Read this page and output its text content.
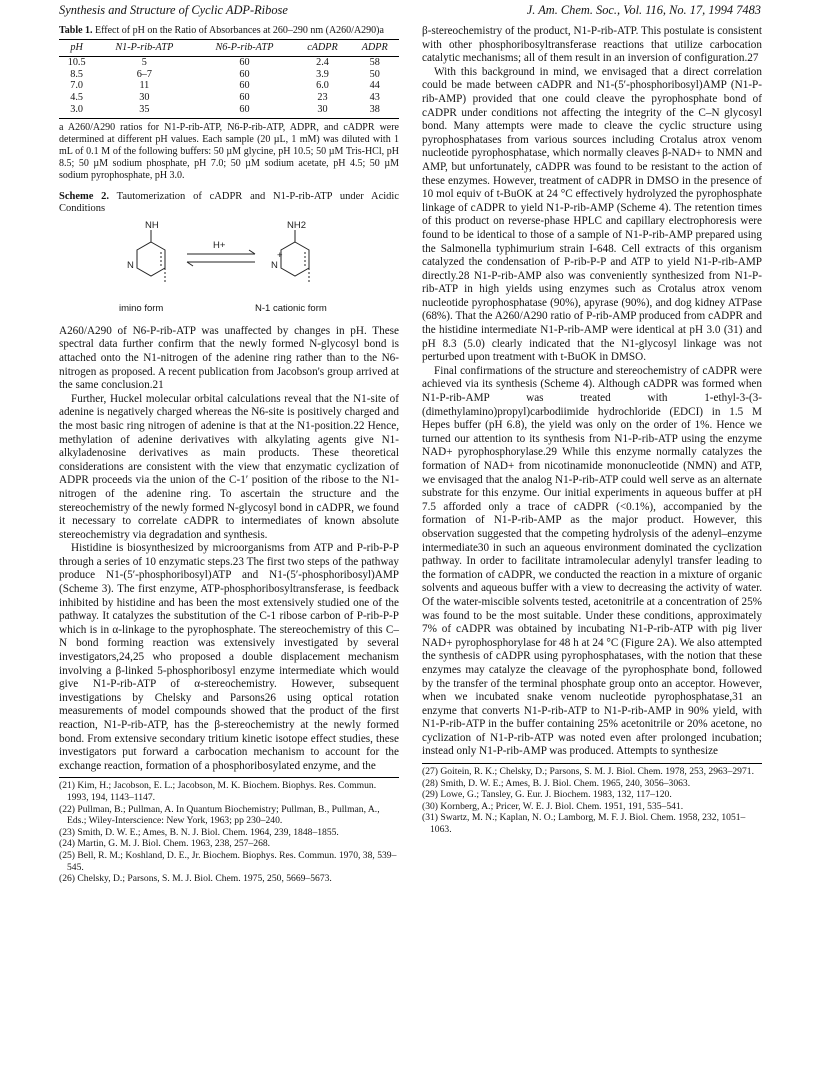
Synthesis and Structure of Cyclic ADP-Ribose	J. Am. Chem. Soc., Vol. 116, No. 17, 1994 7483
Table 1. Effect of pH on the Ratio of Absorbances at 260–290 nm (A260/A290)a
pH	N1-P-rib-ATP	N6-P-rib-ATP	cADPR	ADPR
10.5	5	60	2.4	58
8.5	6–7	60	3.9	50
7.0	11	60	6.0	44
4.5	30	60	23	43
3.0	35	60	30	38
a A260/A290 ratios for N1-P-rib-ATP, N6-P-rib-ATP, ADPR, and cADPR were determined at different pH values. Each sample (20 µL, 1 mM) was diluted with 1 mL of 0.1 M of the following buffers: 50 µM glycine, pH 10.5; 50 µM Tris-HCl, pH 8.5; 50 µM sodium phosphate, pH 7.0; 50 µM sodium acetate, pH 4.5; 50 µM sodium pyrophosphate, pH 3.0.
Scheme 2. Tautomerization of cADPR and N1-P-rib-ATP under Acidic Conditions
NH
N
H+
NH2
N
+
imino form	N-1 cationic form

A260/A290 of N6-P-rib-ATP was unaffected by changes in pH. These spectral data further confirm that the newly formed N-glycosyl bond is attached onto the N1-nitrogen of the adenine ring rather than to the N6-nitrogen as proposed. A recent publication from Jacobson's group arrived at the same conclusion.21

Further, Huckel molecular orbital calculations reveal that the N1-site of adenine is negatively charged whereas the N6-site is positively charged and the most basic ring nitrogen of adenine is that at the N1-position.22 Hence, methylation of adenine derivatives with alkylating agents give N1-alkyladenosine derivatives as main products. These theoretical considerations are consistent with the view that enzymatic cyclization of ADPR proceeds via the union of the C-1′ position of the ribose to the N1-nitrogen of the adenine ring. To ascertain the structure and the stereochemistry of the newly formed N-glycosyl bond in cADPR, we found it necessary to correlate cADPR to intermediates of known absolute stereochemistry via degradation and synthesis.

Histidine is biosynthesized by microorganisms from ATP and P-rib-P-P through a series of 10 enzymatic steps.23 The first two steps of the pathway produce N1-(5′-phosphoribosyl)ATP and N1-(5′-phosphoribosyl)AMP (Scheme 3). The first enzyme, ATP-phosphoribosyltransferase, is feedback inhibited by histidine and has been the most extensively studied one of the pathway. It catalyzes the substitution of the C-1 ribose carbon of P-rib-P-P which is in α-linkage to the pyrophosphate. The stereochemistry of this C–N bond forming reaction was extensively investigated by several investigators,24,25 who proposed a double displacement mechanism involving a β-linked 5-phosphoribosyl enzyme intermediate which would give N1-P-rib-ATP of α-stereochemistry. However, subsequent investigations by Chelsky and Parsons26 using optical rotation measurements of model compounds showed that the product of the first reaction, N1-P-rib-ATP, has the β-stereochemistry at the newly formed bond. From extensive secondary tritium kinetic isotope effect studies, these investigators put forward a carbocation mechanism to account for the exchange reaction, formation of a phosphoribosylated enzyme, and the

(21) Kim, H.; Jacobson, E. L.; Jacobson, M. K. Biochem. Biophys. Res. Commun. 1993, 194, 1143–1147.
(22) Pullman, B.; Pullman, A. In Quantum Biochemistry; Pullman, B., Pullman, A., Eds.; Wiley-Interscience: New York, 1963; pp 230–240.
(23) Smith, D. W. E.; Ames, B. N. J. Biol. Chem. 1964, 239, 1848–1855.
(24) Martin, G. M. J. Biol. Chem. 1963, 238, 257–268.
(25) Bell, R. M.; Koshland, D. E., Jr. Biochem. Biophys. Res. Commun. 1970, 38, 539–545.
(26) Chelsky, D.; Parsons, S. M. J. Biol. Chem. 1975, 250, 5669–5673.

β-stereochemistry of the product, N1-P-rib-ATP. This postulate is consistent with other phosphoribosyltransferase reactions that utilize carbocation catalytic mechanisms; all of them result in an inversion of configuration.27

With this background in mind, we envisaged that a direct correlation could be made between cADPR and N1-(5′-phosphoribosyl)AMP (N1-P-rib-AMP) provided that one could cleave the pyrophosphate bond of cADPR under conditions not affecting the integrity of the C–N glycosyl bond. Many attempts were made to cleave the cyclic structure using pyrophosphatases from various sources including Crotalus atrox venom nucleotide pyrophosphatase, which normally cleaves β-NAD+ to NMN and AMP, but unfortunately, cADPR was found to be resistant to the action of these enzymes. However, treatment of cADPR in DMSO in the presence of 10 mol equiv of t-BuOK at 24 °C effectively hydrolyzed the pyrophosphate linkage of cADPR to yield N1-P-rib-AMP (Scheme 4). The retention times of this product on reverse-phase HPLC and capillary electrophoresis were found to be identical to those of a sample of N1-P-rib-AMP prepared using the Salmonella typhimurium strain I-648. Cell extracts of this organism catalyzed the condensation of P-rib-P-P and ATP to yield N1-P-rib-AMP directly.28 N1-P-rib-AMP also was conveniently synthesized from N1-P-rib-ATP in high yields using enzymes such as Crotalus atrox venom nucleotide pyrophosphatase (90%), apyrase (90%), and dog kidney ATPase (68%). That the A260/A290 ratio of P-rib-AMP produced from cADPR and the histidine intermediate N1-P-rib-AMP were identical at pH 3.0 (31) and pH 8.3 (5.0) clearly indicated that the N1-glycosyl linkage was not perturbed upon treatment with t-BuOK in DMSO.

Final confirmations of the structure and stereochemistry of cADPR were achieved via its synthesis (Scheme 4). Although cADPR was formed when N1-P-rib-AMP was treated with 1-ethyl-3-(3-(dimethylamino)propyl)carbodiimide hydrochloride (EDCI) in 1.5 M Hepes buffer (pH 6.8), the yield was only on the order of 1%. Hence we turned our attention to its synthesis from N1-P-rib-ATP using the enzyme NAD+ pyrophosphorylase.29 While this enzyme normally catalyzes the formation of NAD+ from nicotinamide mononucleotide (NMN) and ATP, we envisaged that the analog N1-P-rib-ATP could well serve as an alternate substrate for this enzyme. Our initial experiments in aqueous buffer at pH 7.5 afforded only a trace of cADPR (<0.1%), accompanied by the formation of N1-P-rib-AMP as the major product. However, this observation suggested that the competing hydrolysis of the adenyl–enzyme intermediate30 in such an aqueous environment dominated the cyclization pathway. In order to facilitate intramolecular adenylyl transfer leading to the formation of cADPR, we conducted the reaction in a mixture of organic solvents and aqueous buffer with a view to decreasing the activity of water. Of the water-miscible solvents tested, acetonitrile at a concentration of 25% was found to be the most suitable. Under these conditions, approximately 7% of cADPR was obtained by incubating N1-P-rib-ATP with pig liver NAD+ pyrophosphorylase for 48 h at 24 °C (Figure 2A). We also attempted the synthesis of cADPR using pyrophosphatases, with the notion that these enzymes may catalyze the cleavage of the pyrophosphate bond, followed by the transfer of the terminal phosphate group onto an acceptor. However, when we incubated snake venom nucleotide pyrophosphatase,31 an enzyme that converts N1-P-rib-ATP to N1-P-rib-AMP in 90% yield, with N1-P-rib-ATP in the buffer containing 25% acetonitrile or 20% acetone, no cyclization of N1-P-rib-ATP was noted even after prolonged incubation; instead only N1-P-rib-AMP was produced. Attempts to synthesize

(27) Goitein, R. K.; Chelsky, D.; Parsons, S. M. J. Biol. Chem. 1978, 253, 2963–2971.
(28) Smith, D. W. E.; Ames, B. J. Biol. Chem. 1965, 240, 3056–3063.
(29) Lowe, G.; Tansley, G. Eur. J. Biochem. 1983, 132, 117–120.
(30) Kornberg, A.; Pricer, W. E. J. Biol. Chem. 1951, 191, 535–541.
(31) Swartz, M. N.; Kaplan, N. O.; Lamborg, M. F. J. Biol. Chem. 1958, 232, 1051–1063.
